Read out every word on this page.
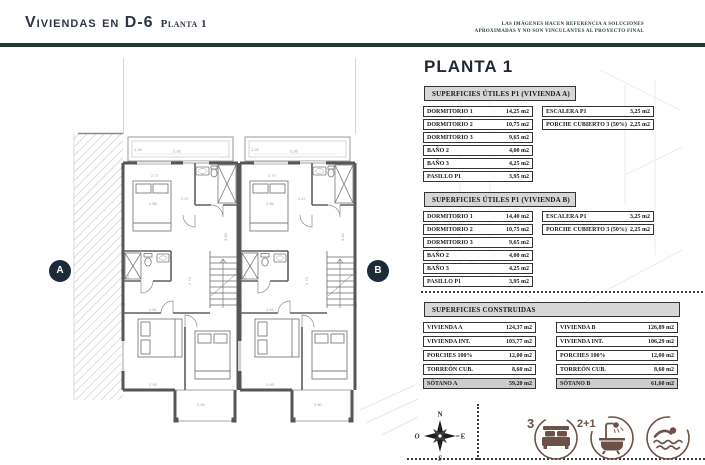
Viviendas en D-6 Planta 1	LAS IMÁGENES HACEN REFERENCIA A SOLUCIONES
APROXIMADAS Y NO SON VINCULANTES AL PROYECTO FINAL
1.26	2.36
2.77
2.86
2.47
4.10	2.74
2.51
2.93
3.00
2.50
A	B
PLANTA 1
SUPERFICIES ÚTILES P1 (VIVIENDA A)
DORMITORIO 1	14,25 m2
DORMITORIO 2	10,75 m2
DORMITORIO 3	9,65 m2
BAÑO 2	4,00 m2
BAÑO 3	4,25 m2
PASILLO P1	3,95 m2
ESCALERA P1	3,25 m2
PORCHE CUBIERTO 3 (50%) 2,25 m2
SUPERFICIES ÚTILES P1 (VIVIENDA B)
DORMITORIO 1	14,40 m2
DORMITORIO 2	10,75 m2
DORMITORIO 3	9,65 m2
BAÑO 2	4,00 m2
BAÑO 3	4,25 m2
PASILLO P1	3,95 m2
ESCALERA P1	3,25 m2
PORCHE CUBIERTO 3 (50%) 2,25 m2
SUPERFICIES CONSTRUIDAS
VIVIENDA A	124,37 m2
VIVIENDA INT.	103,77 m2
PORCHES 100%	12,00 m2
TORREÓN CUB.	8,60 m2
SÓTANO A	59,20 m2
VIVIENDA B	126,89 m2
VIVIENDA INT.	106,29 m2
PORCHES 100%	12,00 m2
TORREÓN CUB.	8,60 m2
SÓTANO B	61,60 m2
N
E
S
O
3	2+1
